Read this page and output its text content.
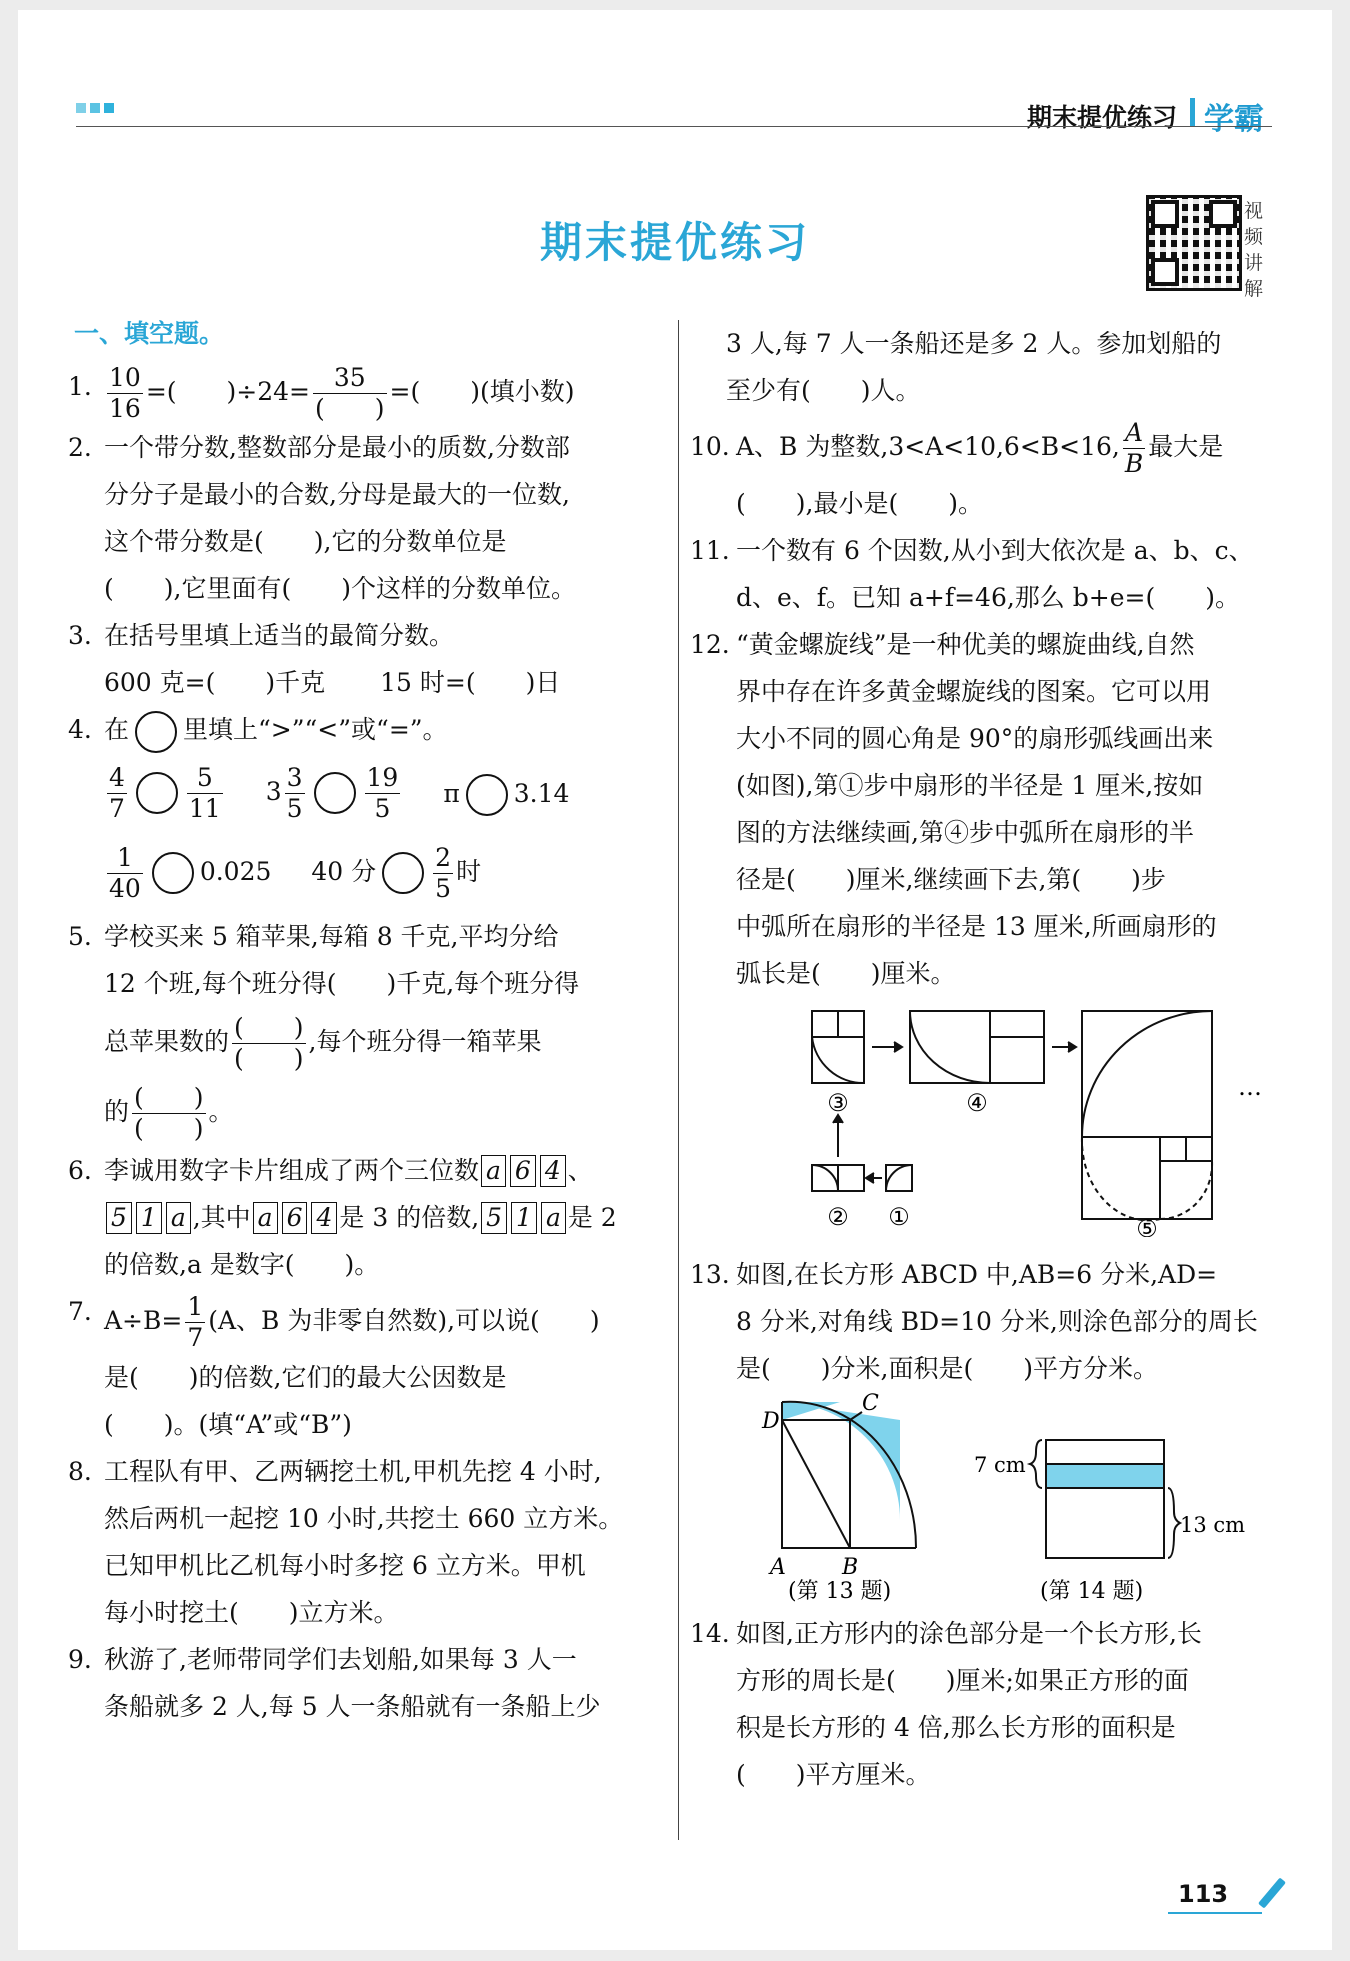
期末提优练习 学霸
期末提优练习
视频讲解
一、填空题。
1. $\frac{10}{16}$ =(　　)$\div 24= \frac{35}{( )}$ =(　　)(填小数)
2. 一个带分数,整数部分是最小的质数,分数部
分分子是最小的合数,分母是最大的一位数,
这个带分数是(　　),它的分数单位是
(　　),它里面有(　　)个这样的分数单位。
3. 在括号里填上适当的最简分数。
600 克=(　　)千克 15 时=(　　)日
4. 在 里填上“>”“<”或“=”。
$\frac{4}{7} \frac{5}{11} 3 \frac{3}{5} \frac{19}{5}$ π 3.14
$\frac{1}{40} 0.025$ 40 分 $\frac{2}{5}$ 时
5. 学校买来 5 箱苹果,每箱 8 千克,平均分给
12 个班,每个班分得(　　)千克,每个班分得
总苹果数的 $\frac{( )}{( )}$ ,每个班分得一箱苹果
的 $\frac{( )}{( )}$ 。
6. 李诚用数字卡片组成了两个三位数 a 6 4 、
5 1 a ,其中 a 6 4 是 3 的倍数, 5 1 a 是 2
的倍数,a 是数字(　　)。
7. $A\div B= \frac{1}{7} (A$、B 为非零自然数),可以说(　　)
是(　　)的倍数,它们的最大公因数是
(　　)。(填“A”或“B”)
8. 工程队有甲、乙两辆挖土机,甲机先挖 4 小时,
然后两机一起挖 10 小时,共挖土 660 立方米。
已知甲机比乙机每小时多挖 6 立方米。甲机
每小时挖土(　　)立方米。
9. 秋游了,老师带同学们去划船,如果每 3 人一
条船就多 2 人,每 5 人一条船就有一条船上少
3 人,每 7 人一条船还是多 2 人。参加划船的
至少有(　　)人。
10. A、B 为整数,3<A<10,6<B<16, $\frac{A}{B}$ 最大是
(　　),最小是(　　)。
11. 一个数有 6 个因数,从小到大依次是 a、b、c、
d、e、f。已知 a+f=46,那么 b+e=(　　)。
12. “黄金螺旋线”是一种优美的螺旋曲线,自然
界中存在许多黄金螺旋线的图案。它可以用
大小不同的圆心角是 90°的扇形弧线画出来
(如图),第①步中扇形的半径是 1 厘米,按如
图的方法继续画,第④步中弧所在扇形的半
径是(　　)厘米,继续画下去,第(　　)步
中弧所在扇形的半径是 13 厘米,所画扇形的
弧长是(　　)厘米。
③	④
② ①	⑤
…
13. 如图,在长方形 ABCD 中,AB=6 分米,AD=
8 分米,对角线 BD=10 分米,则涂色部分的周长
是(　　)分米,面积是(　　)平方分米。
D
C
A	B
(第 13 题)
7 cm
13 cm
(第 14 题)
14. 如图,正方形内的涂色部分是一个长方形,长
方形的周长是(　　)厘米;如果正方形的面
积是长方形的 4 倍,那么长方形的面积是
(　　)平方厘米。
113
